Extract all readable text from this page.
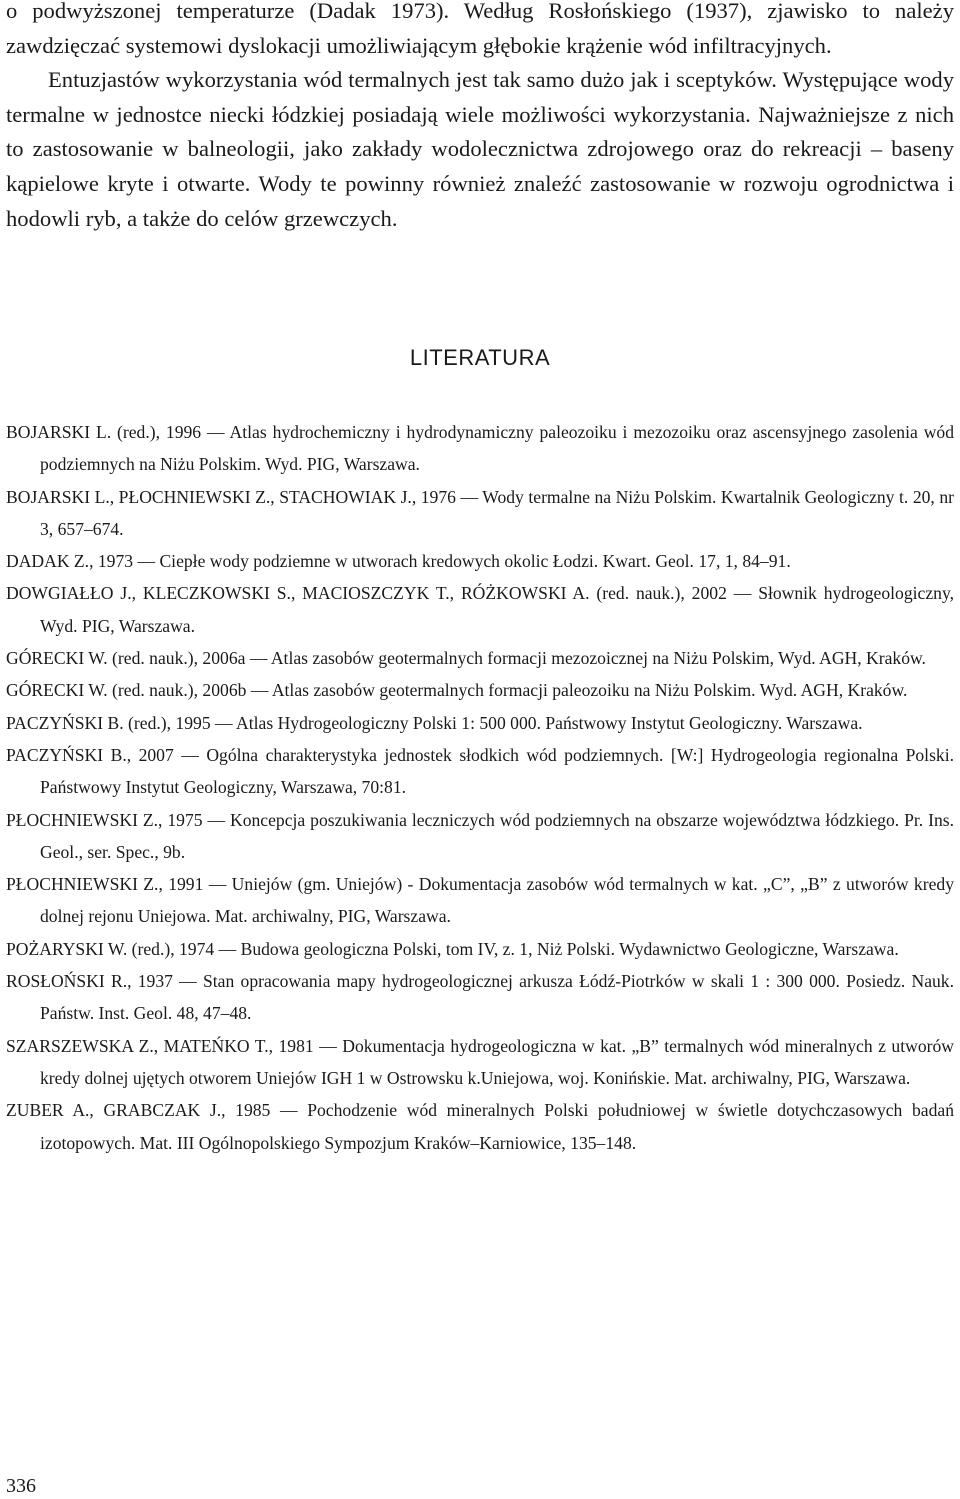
o podwyższonej temperaturze (Dadak 1973). Według Rosłońskiego (1937), zjawisko to należy zawdzięczać systemowi dyslokacji umożliwiającym głębokie krążenie wód infiltracyjnych.

Entuzjastów wykorzystania wód termalnych jest tak samo dużo jak i sceptyków. Występujące wody termalne w jednostce niecki łódzkiej posiadają wiele możliwości wykorzystania. Najważniejsze z nich to zastosowanie w balneologii, jako zakłady wodolecznictwa zdrojowego oraz do rekreacji – baseny kąpielowe kryte i otwarte. Wody te powinny również znaleźć zastosowanie w rozwoju ogrodnictwa i hodowli ryb, a także do celów grzewczych.

LITERATURA
BOJARSKI L. (red.), 1996 — Atlas hydrochemiczny i hydrodynamiczny paleozoiku i mezozoiku oraz ascensyjnego zasolenia wód podziemnych na Niżu Polskim. Wyd. PIG, Warszawa.
BOJARSKI L., PŁOCHNIEWSKI Z., STACHOWIAK J., 1976 — Wody termalne na Niżu Polskim. Kwartalnik Geologiczny t. 20, nr 3, 657–674.
DADAK Z., 1973 — Ciepłe wody podziemne w utworach kredowych okolic Łodzi. Kwart. Geol. 17, 1, 84–91.
DOWGIAŁŁO J., KLECZKOWSKI S., MACIOSZCZYK T., RÓŻKOWSKI A. (red. nauk.), 2002 — Słownik hydrogeologiczny, Wyd. PIG, Warszawa.
GÓRECKI W. (red. nauk.), 2006a — Atlas zasobów geotermalnych formacji mezozoicznej na Niżu Polskim, Wyd. AGH, Kraków.
GÓRECKI W. (red. nauk.), 2006b — Atlas zasobów geotermalnych formacji paleozoiku na Niżu Polskim. Wyd. AGH, Kraków.
PACZYŃSKI B. (red.), 1995 — Atlas Hydrogeologiczny Polski 1: 500 000. Państwowy Instytut Geologiczny. Warszawa.
PACZYŃSKI B., 2007 — Ogólna charakterystyka jednostek słodkich wód podziemnych. [W:] Hydrogeologia regionalna Polski. Państwowy Instytut Geologiczny, Warszawa, 70:81.
PŁOCHNIEWSKI Z., 1975 — Koncepcja poszukiwania leczniczych wód podziemnych na obszarze województwa łódzkiego. Pr. Ins. Geol., ser. Spec., 9b.
PŁOCHNIEWSKI Z., 1991 — Uniejów (gm. Uniejów) - Dokumentacja zasobów wód termalnych w kat. „C”, „B” z utworów kredy dolnej rejonu Uniejowa. Mat. archiwalny, PIG, Warszawa.
POŻARYSKI W. (red.), 1974 — Budowa geologiczna Polski, tom IV, z. 1, Niż Polski. Wydawnictwo Geologiczne, Warszawa.
ROSŁOŃSKI R., 1937 — Stan opracowania mapy hydrogeologicznej arkusza Łódź-Piotrków w skali 1 : 300 000. Posiedz. Nauk. Państw. Inst. Geol. 48, 47–48.
SZARSZEWSKA Z., MATEŃKO T., 1981 — Dokumentacja hydrogeologiczna w kat. „B” termalnych wód mineralnych z utworów kredy dolnej ujętych otworem Uniejów IGH 1 w Ostrowsku k.Uniejowa, woj. Konińskie. Mat. archiwalny, PIG, Warszawa.
ZUBER A., GRABCZAK J., 1985 — Pochodzenie wód mineralnych Polski południowej w świetle dotychczasowych badań izotopowych. Mat. III Ogólnopolskiego Sympozjum Kraków–Karniowice, 135–148.
336
